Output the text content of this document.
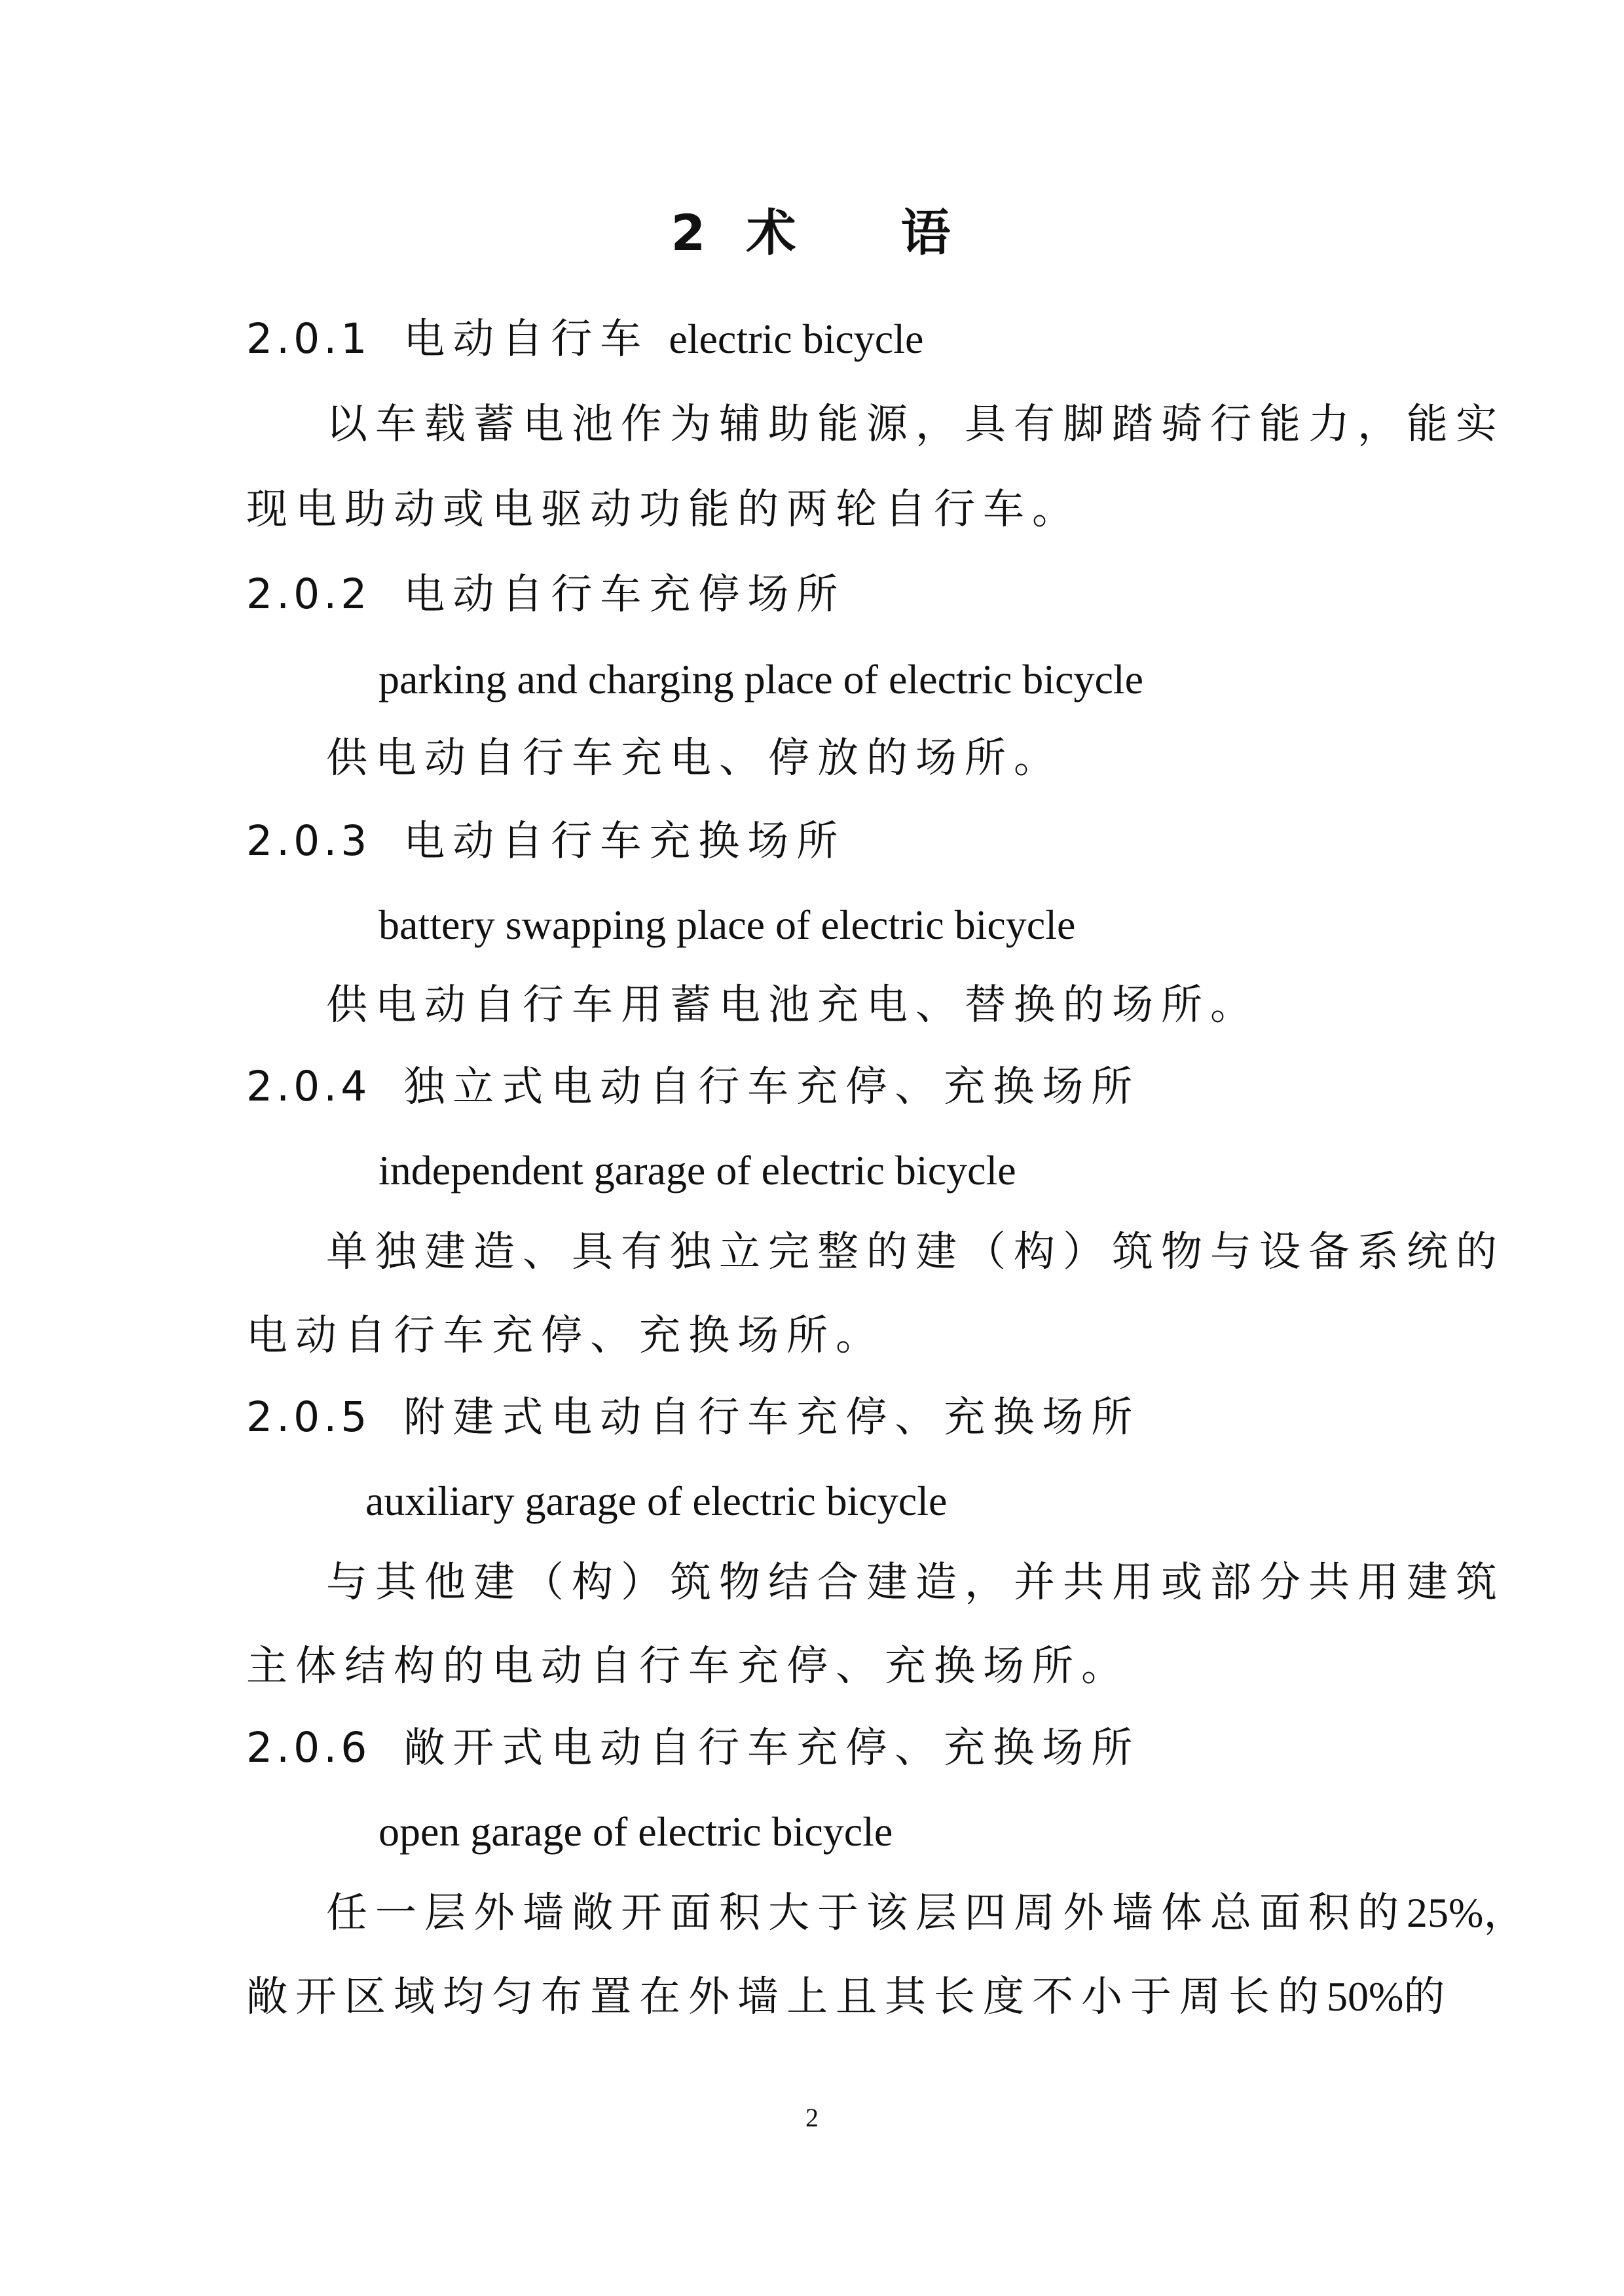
2 术 语
2.0.1 电动自行车 electric bicycle
以车载蓄电池作为辅助能源，具有脚踏骑行能力，能实
现电助动或电驱动功能的两轮自行车。
2.0.2 电动自行车充停场所
parking and charging place of electric bicycle
供电动自行车充电、停放的场所。
2.0.3 电动自行车充换场所
battery swapping place of electric bicycle
供电动自行车用蓄电池充电、替换的场所。
2.0.4 独立式电动自行车充停、充换场所
independent garage of electric bicycle
单独建造、具有独立完整的建（构）筑物与设备系统的
电动自行车充停、充换场所。
2.0.5 附建式电动自行车充停、充换场所
auxiliary garage of electric bicycle
与其他建（构）筑物结合建造，并共用或部分共用建筑
主体结构的电动自行车充停、充换场所。
2.0.6 敞开式电动自行车充停、充换场所
open garage of electric bicycle
任一层外墙敞开面积大于该层四周外墙体总面积的25%，
敞开区域均匀布置在外墙上且其长度不小于周长的50%的
2
